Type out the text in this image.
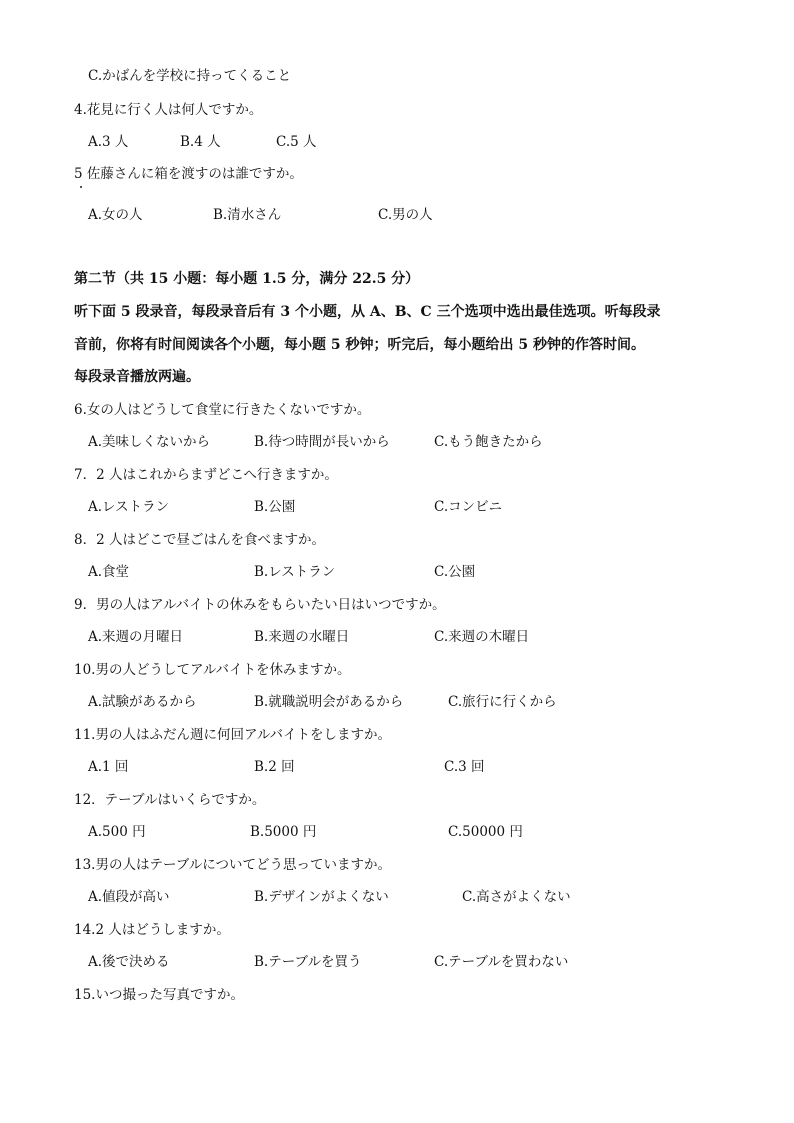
C.かばんを学校に持ってくること
4.花見に行く人は何人ですか。
A.3 人	B.4 人	C.5 人
5 佐藤さんに箱を渡すのは誰ですか。
A.女の人	B.清水さん	C.男の人
第二节（共 15 小题：每小题 1.5 分，满分 22.5 分）
听下面 5 段录音，每段录音后有 3 个小题，从 A、B、C 三个选项中选出最佳选项。听每段录
音前，你将有时间阅读各个小题，每小题 5 秒钟；听完后，每小题给出 5 秒钟的作答时间。
每段录音播放两遍。
6.女の人はどうして食堂に行きたくないですか。
A.美味しくないから	B.待つ時間が長いから	C.もう飽きたから
7．2 人はこれからまずどこへ行きますか。
A.レストラン	B.公園	C.コンビニ
8．2 人はどこで昼ごはんを食べますか。
A.食堂	B.レストラン	C.公園
9．男の人はアルバイトの休みをもらいたい日はいつですか。
A.来週の月曜日	B.来週の水曜日	C.来週の木曜日
10.男の人どうしてアルバイトを休みますか。
A.試験があるから	B.就職説明会があるから	C.旅行に行くから
11.男の人はふだん週に何回アルバイトをしますか。
A.1 回	B.2 回	C.3 回
12．テーブルはいくらですか。
A.500 円	B.5000 円	C.50000 円
13.男の人はテーブルについてどう思っていますか。
A.値段が高い	B.デザインがよくない	C.高さがよくない
14.2 人はどうしますか。
A.後で決める	B.テーブルを買う	C.テーブルを買わない
15.いつ撮った写真ですか。
